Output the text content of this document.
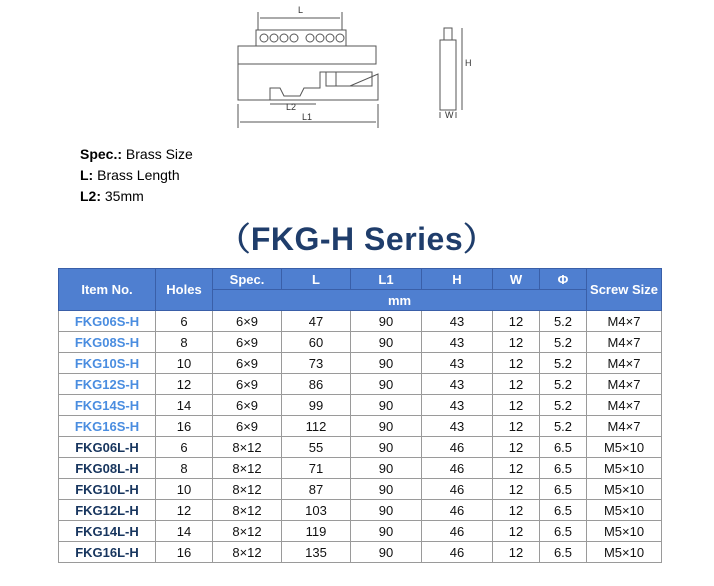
L
L2
L1
H
W
Spec.: Brass Size
L: Brass Length
L2: 35mm
（FKG-H Series）
Item No.	Holes	Spec.	L	L1	H	W	Φ	Screw Size
		mm						
FKG06S-H	6	6×9	47	90	43	12	5.2	M4×7
FKG08S-H	8	6×9	60	90	43	12	5.2	M4×7
FKG10S-H	10	6×9	73	90	43	12	5.2	M4×7
FKG12S-H	12	6×9	86	90	43	12	5.2	M4×7
FKG14S-H	14	6×9	99	90	43	12	5.2	M4×7
FKG16S-H	16	6×9	112	90	43	12	5.2	M4×7
FKG06L-H	6	8×12	55	90	46	12	6.5	M5×10
FKG08L-H	8	8×12	71	90	46	12	6.5	M5×10
FKG10L-H	10	8×12	87	90	46	12	6.5	M5×10
FKG12L-H	12	8×12	103	90	46	12	6.5	M5×10
FKG14L-H	14	8×12	119	90	46	12	6.5	M5×10
FKG16L-H	16	8×12	135	90	46	12	6.5	M5×10
